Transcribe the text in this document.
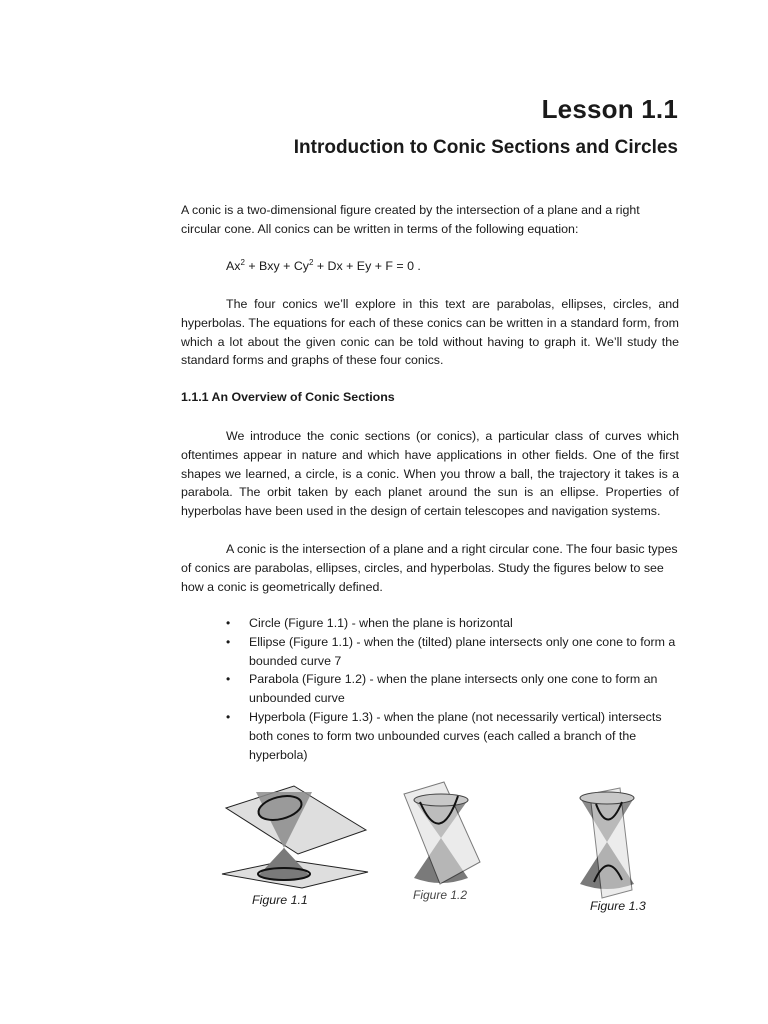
Lesson 1.1
Introduction to Conic Sections and Circles

A conic is a two-dimensional figure created by the intersection of a plane and a right circular cone. All conics can be written in terms of the following equation:

$Ax^2$ + Bxy + $Cy^2 + Dx + Ey + F = 0$ .

The four conics we’ll explore in this text are parabolas, ellipses, circles, and hyperbolas. The equations for each of these conics can be written in a standard form, from which a lot about the given conic can be told without having to graph it. We’ll study the standard forms and graphs of these four conics.

1.1.1 An Overview of Conic Sections

We introduce the conic sections (or conics), a particular class of curves which oftentimes appear in nature and which have applications in other fields. One of the first shapes we learned, a circle, is a conic. When you throw a ball, the trajectory it takes is a parabola. The orbit taken by each planet around the sun is an ellipse. Properties of hyperbolas have been used in the design of certain telescopes and navigation systems.

A conic is the intersection of a plane and a right circular cone. The four basic types of conics are parabolas, ellipses, circles, and hyperbolas. Study the figures below to see how a conic is geometrically defined.

• Circle (Figure 1.1) - when the plane is horizontal
• Ellipse (Figure 1.1) - when the (tilted) plane intersects only one cone to form a bounded curve 7
• Parabola (Figure 1.2) - when the plane intersects only one cone to form an unbounded curve
• Hyperbola (Figure 1.3) - when the plane (not necessarily vertical) intersects both cones to form two unbounded curves (each called a branch of the hyperbola)
Figure 1.1	Figure 1.2
Figure 1.3
